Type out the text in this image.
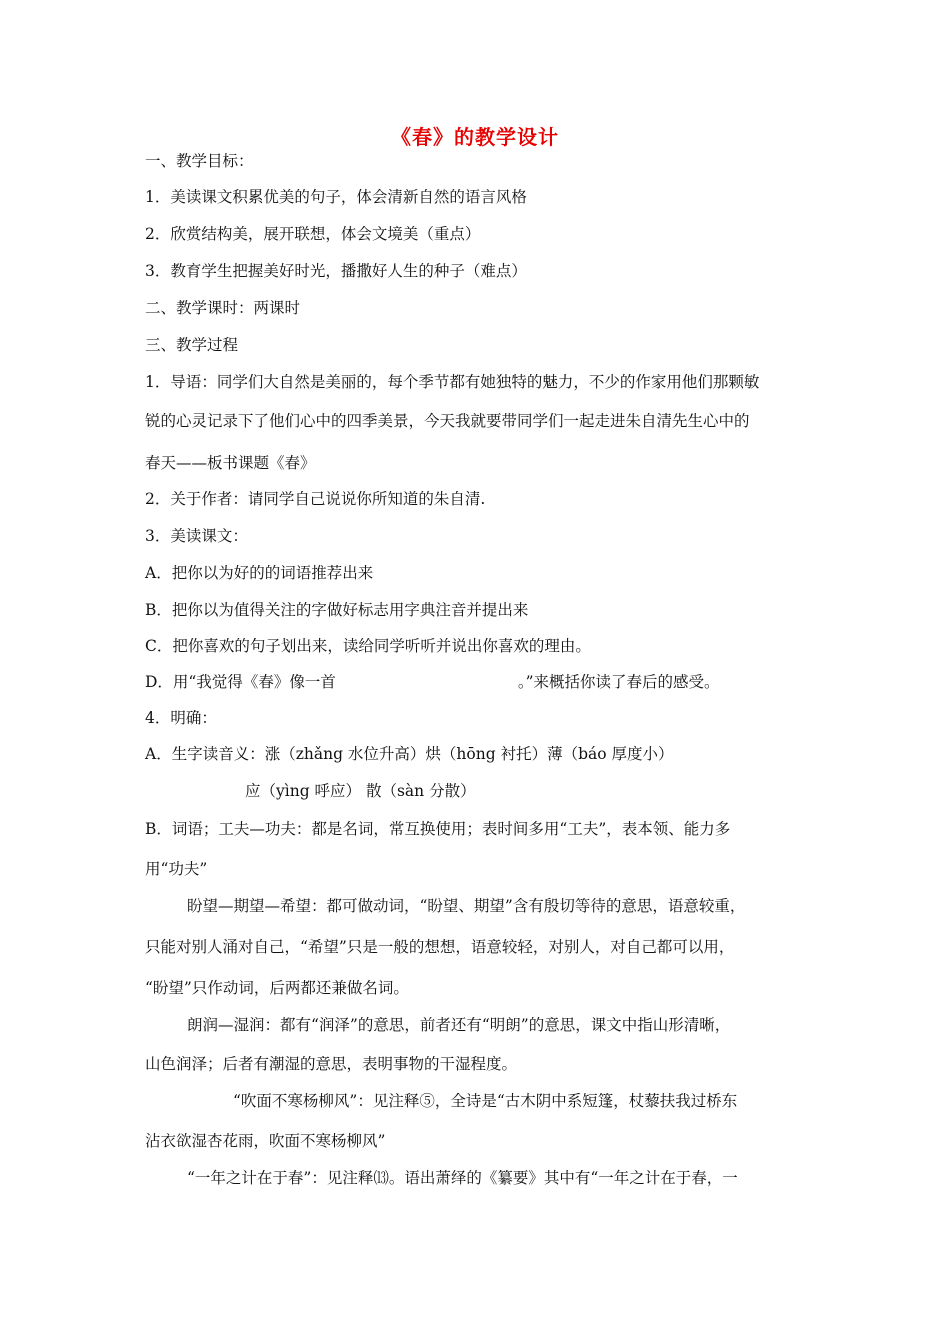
《春》的教学设计
一、教学目标：
1．美读课文积累优美的句子，体会清新自然的语言风格
2．欣赏结构美，展开联想，体会文境美（重点）
3．教育学生把握美好时光，播撒好人生的种子（难点）
二、教学课时：两课时
三、教学过程
1．导语：同学们大自然是美丽的，每个季节都有她独特的魅力，不少的作家用他们那颗敏
锐的心灵记录下了他们心中的四季美景，今天我就要带同学们一起走进朱自清先生心中的
春天——板书课题《春》
2．关于作者：请同学自己说说你所知道的朱自清.
3．美读课文：
A．把你以为好的的词语推荐出来
B．把你以为值得关注的字做好标志用字典注音并提出来
C．把你喜欢的句子划出来，读给同学听听并说出你喜欢的理由。
D．用“我觉得《春》像一首	。”来概括你读了春后的感受。
4．明确：
A．生字读音义：涨（zhǎng 水位升高）烘（hōng 衬托）薄（báo 厚度小）
应（yìng 呼应） 散（sàn 分散）
B．词语；工夫—功夫：都是名词，常互换使用；表时间多用“工夫”，表本领、能力多
用“功夫”
盼望—期望—希望：都可做动词，“盼望、期望”含有殷切等待的意思，语意较重，
只能对别人涌对自己，“希望”只是一般的想想，语意较轻，对别人，对自己都可以用，
“盼望”只作动词，后两都还兼做名词。
朗润—湿润：都有“润泽”的意思，前者还有“明朗”的意思，课文中指山形清晰，
山色润泽；后者有潮湿的意思，表明事物的干湿程度。
“吹面不寒杨柳风”：见注释⑤，全诗是“古木阴中系短篷，杖藜扶我过桥东
沾衣欲湿杏花雨，吹面不寒杨柳风”
“一年之计在于春”：见注释⒀。语出萧绎的《纂要》其中有“一年之计在于春，一
